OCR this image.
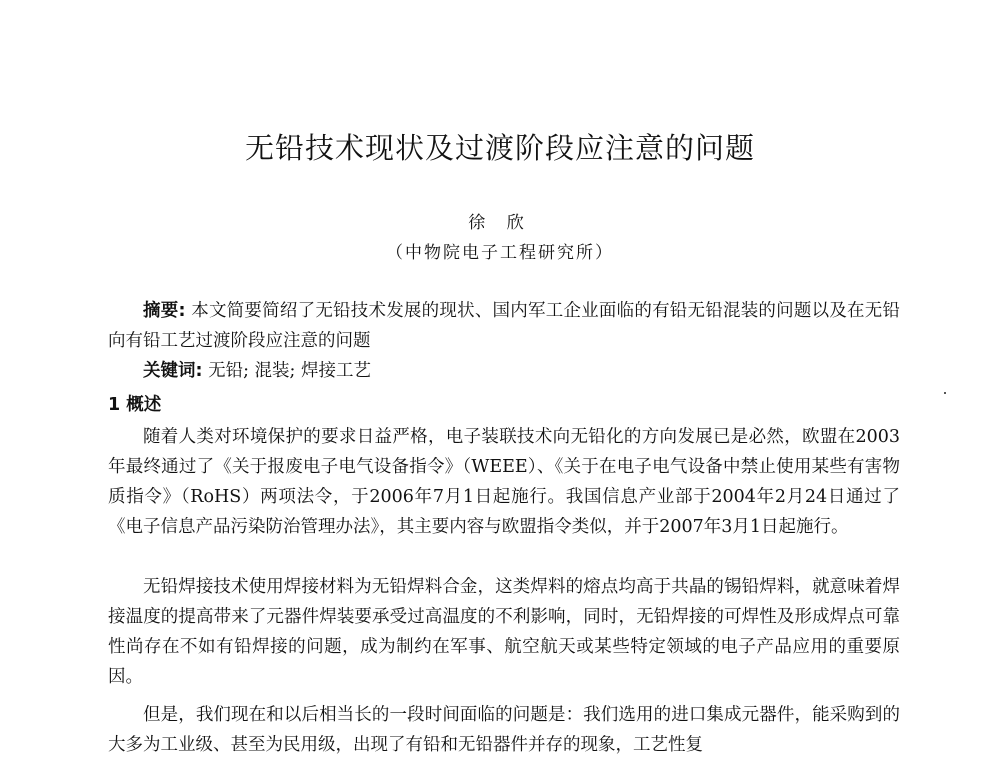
无铅技术现状及过渡阶段应注意的问题
徐 欣
（中物院电子工程研究所）

摘要: 本文简要简绍了无铅技术发展的现状、国内军工企业面临的有铅无铅混装的问题以及在无铅向有铅工艺过渡阶段应注意的问题

关键词: 无铅; 混装; 焊接工艺

1 概述

随着人类对环境保护的要求日益严格，电子装联技术向无铅化的方向发展已是必然，欧盟在2003年最终通过了《关于报废电子电气设备指令》（WEEE）、《关于在电子电气设备中禁止使用某些有害物质指令》（RoHS）两项法令，于2006年7月1日起施行。我国信息产业部于2004年2月24日通过了《电子信息产品污染防治管理办法》，其主要内容与欧盟指令类似，并于2007年3月1日起施行。

无铅焊接技术使用焊接材料为无铅焊料合金，这类焊料的熔点均高于共晶的锡铅焊料，就意味着焊接温度的提高带来了元器件焊装要承受过高温度的不利影响，同时，无铅焊接的可焊性及形成焊点可靠性尚存在不如有铅焊接的问题，成为制约在军事、航空航天或某些特定领域的电子产品应用的重要原因。

但是，我们现在和以后相当长的一段时间面临的问题是：我们选用的进口集成元器件，能采购到的大多为工业级、甚至为民用级，出现了有铅和无铅器件并存的现象，工艺性复
